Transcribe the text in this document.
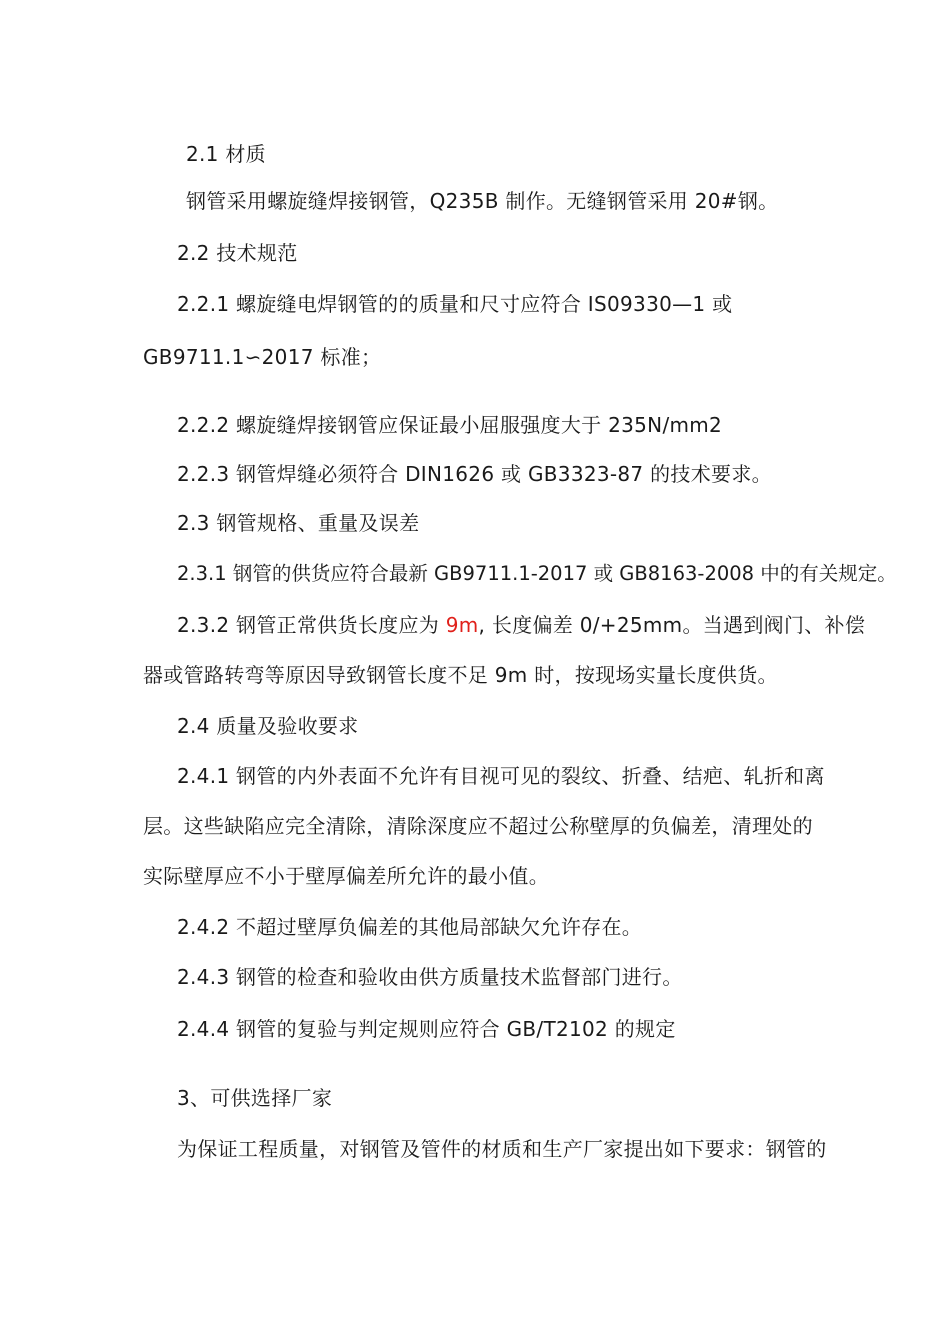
2.1 材质
钢管采用螺旋缝焊接钢管，Q235B 制作。无缝钢管采用 20#钢。
2.2 技术规范
2.2.1 螺旋缝电焊钢管的的质量和尺寸应符合 IS09330—1 或
GB9711.1∽2017 标准；
2.2.2 螺旋缝焊接钢管应保证最小屈服强度大于 235N/mm2
2.2.3 钢管焊缝必须符合 DIN1626 或 GB3323-87 的技术要求。
2.3 钢管规格、重量及误差
2.3.1 钢管的供货应符合最新 GB9711.1-2017 或 GB8163-2008 中的有关规定。
2.3.2 钢管正常供货长度应为 9m, 长度偏差 0/+25mm。当遇到阀门、补偿
器或管路转弯等原因导致钢管长度不足 9m 时，按现场实量长度供货。
2.4 质量及验收要求
2.4.1 钢管的内外表面不允许有目视可见的裂纹、折叠、结疤、轧折和离
层。这些缺陷应完全清除，清除深度应不超过公称壁厚的负偏差，清理处的
实际壁厚应不小于壁厚偏差所允许的最小值。
2.4.2 不超过壁厚负偏差的其他局部缺欠允许存在。
2.4.3 钢管的检查和验收由供方质量技术监督部门进行。
2.4.4 钢管的复验与判定规则应符合 GB/T2102 的规定
3、可供选择厂家
为保证工程质量，对钢管及管件的材质和生产厂家提出如下要求：钢管的
